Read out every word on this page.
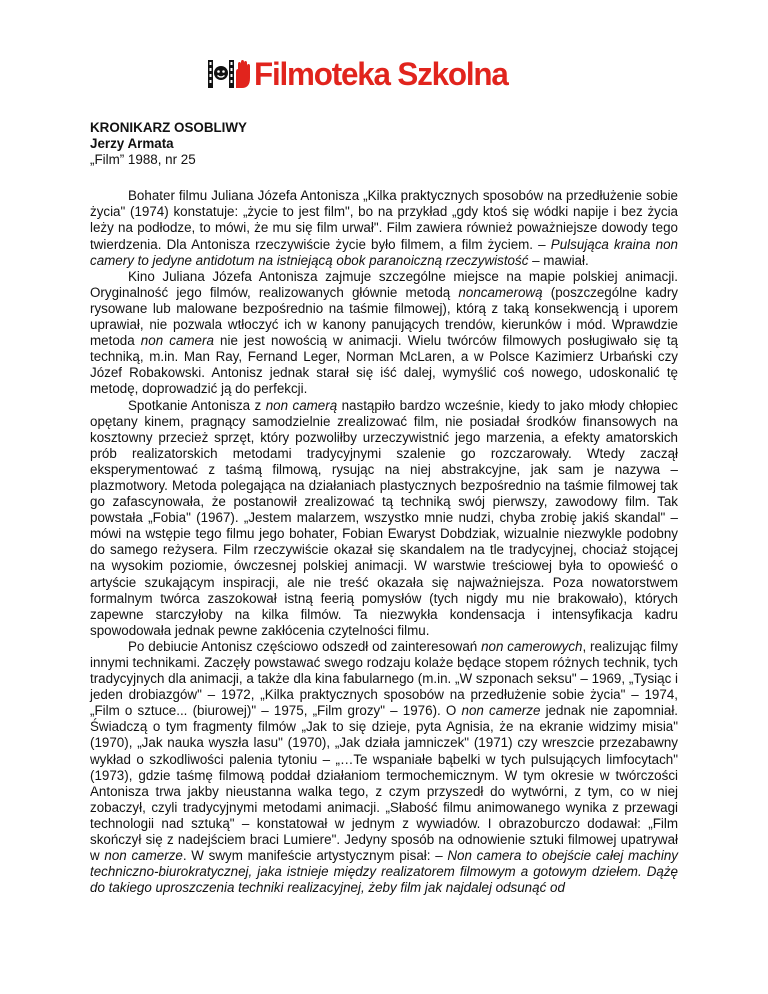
Filmoteka Szkolna

KRONIKARZ OSOBLIWY

Jerzy Armata

„Film” 1988, nr 25

Bohater filmu Juliana Józefa Antonisza „Kilka praktycznych sposobów na przedłużenie sobie życia" (1974) konstatuje: „życie to jest film", bo na przykład „gdy ktoś się wódki napije i bez życia leży na podłodze, to mówi, że mu się film urwał". Film zawiera również poważniejsze dowody tego twierdzenia. Dla Antonisza rzeczywiście życie było filmem, a film życiem. – Pulsująca kraina non camery to jedyne antidotum na istniejącą obok paranoiczną rzeczywistość – mawiał.

Kino Juliana Józefa Antonisza zajmuje szczególne miejsce na mapie polskiej animacji. Oryginalność jego filmów, realizowanych głównie metodą noncamerową (poszczególne kadry rysowane lub malowane bezpośrednio na taśmie filmowej), którą z taką konsekwencją i uporem uprawiał, nie pozwala wtłoczyć ich w kanony panujących trendów, kierunków i mód. Wprawdzie metoda non camera nie jest nowością w animacji. Wielu twórców filmowych posługiwało się tą techniką, m.in. Man Ray, Fernand Leger, Norman McLaren, a w Polsce Kazimierz Urbański czy Józef Robakowski. Antonisz jednak starał się iść dalej, wymyślić coś nowego, udoskonalić tę metodę, doprowadzić ją do perfekcji.

Spotkanie Antonisza z non camerą nastąpiło bardzo wcześnie, kiedy to jako młody chłopiec opętany kinem, pragnący samodzielnie zrealizować film, nie posiadał środków finansowych na kosztowny przecież sprzęt, który pozwoliłby urzeczywistnić jego marzenia, a efekty amatorskich prób realizatorskich metodami tradycyjnymi szalenie go rozczarowały. Wtedy zaczął eksperymentować z taśmą filmową, rysując na niej abstrakcyjne, jak sam je nazywa – plazmotwory. Metoda polegająca na działaniach plastycznych bezpośrednio na taśmie filmowej tak go zafascynowała, że postanowił zrealizować tą techniką swój pierwszy, zawodowy film. Tak powstała „Fobia" (1967). „Jestem malarzem, wszystko mnie nudzi, chyba zrobię jakiś skandal" – mówi na wstępie tego filmu jego bohater, Fobian Ewaryst Dobdziak, wizualnie niezwykle podobny do samego reżysera. Film rzeczywiście okazał się skandalem na tle tradycyjnej, chociaż stojącej na wysokim poziomie, ówczesnej polskiej animacji. W warstwie treściowej była to opowieść o artyście szukającym inspiracji, ale nie treść okazała się najważniejsza. Poza nowatorstwem formalnym twórca zaszokował istną feerią pomysłów (tych nigdy mu nie brakowało), których zapewne starczyłoby na kilka filmów. Ta niezwykła kondensacja i intensyfikacja kadru spowodowała jednak pewne zakłócenia czytelności filmu.

Po debiucie Antonisz częściowo odszedł od zainteresowań non camerowych, realizując filmy innymi technikami. Zaczęły powstawać swego rodzaju kolaże będące stopem różnych technik, tych tradycyjnych dla animacji, a także dla kina fabularnego (m.in. „W szponach seksu" – 1969, „Tysiąc i jeden drobiazgów" – 1972, „Kilka praktycznych sposobów na przedłużenie sobie życia" – 1974, „Film o sztuce... (biurowej)" – 1975, „Film grozy" – 1976). O non camerze jednak nie zapomniał. Świadczą o tym fragmenty filmów „Jak to się dzieje, pyta Agnisia, że na ekranie widzimy misia" (1970), „Jak nauka wyszła lasu" (1970), „Jak działa jamniczek" (1971) czy wreszcie przezabawny wykład o szkodliwości palenia tytoniu – „…Te wspaniałe bąbelki w tych pulsujących limfocytach" (1973), gdzie taśmę filmową poddał działaniom termochemicznym. W tym okresie w twórczości Antonisza trwa jakby nieustanna walka tego, z czym przyszedł do wytwórni, z tym, co w niej zobaczył, czyli tradycyjnymi metodami animacji. „Słabość filmu animowanego wynika z przewagi technologii nad sztuką" – konstatował w jednym z wywiadów. I obrazoburczo dodawał: „Film skończył się z nadejściem braci Lumiere". Jedyny sposób na odnowienie sztuki filmowej upatrywał w non camerze. W swym manifeście artystycznym pisał: – Non camera to obejście całej machiny techniczno-biurokratycznej, jaka istnieje między realizatorem filmowym a gotowym dziełem. Dążę do takiego uproszczenia techniki realizacyjnej, żeby film jak najdalej odsunąć od
